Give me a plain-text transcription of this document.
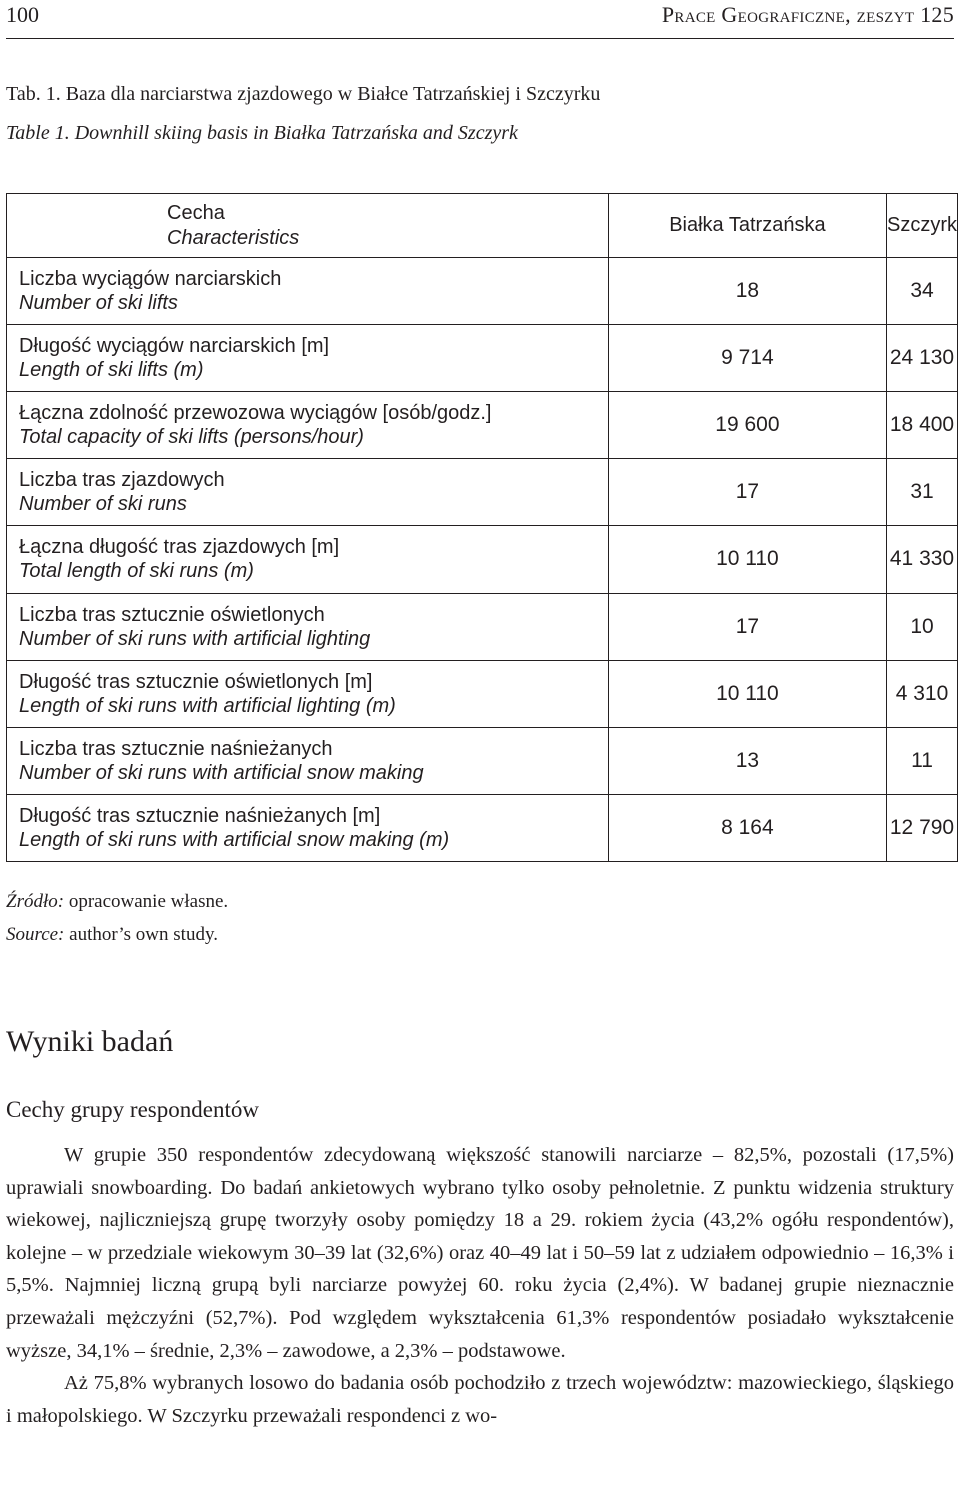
100	Prace Geograficzne, zeszyt 125
Tab. 1. Baza dla narciarstwa zjazdowego w Białce Tatrzańskiej i Szczyrku
Table 1. Downhill skiing basis in Białka Tatrzańska and Szczyrk
Cecha
Characteristics	Białka Tatrzańska	Szczyrk

Liczba wyciągów narciarskich
Number of ski lifts	18	34

Długość wyciągów narciarskich [m]
Length of ski lifts (m)	9 714	24 130

Łączna zdolność przewozowa wyciągów [osób/godz.]
Total capacity of ski lifts (persons/hour)	19 600	18 400

Liczba tras zjazdowych
Number of ski runs	17	31

Łączna długość tras zjazdowych [m]
Total length of ski runs (m)	10 110	41 330

Liczba tras sztucznie oświetlonych
Number of ski runs with artificial lighting	17	10

Długość tras sztucznie oświetlonych [m]
Length of ski runs with artificial lighting (m)	10 110	4 310

Liczba tras sztucznie naśnieżanych
Number of ski runs with artificial snow making	13	11

Długość tras sztucznie naśnieżanych [m]
Length of ski runs with artificial snow making (m)	8 164	12 790
Źródło: opracowanie własne.
Source: author’s own study.
Wyniki badań
Cechy grupy respondentów

W grupie 350 respondentów zdecydowaną większość stanowili narciarze – 82,5%, pozostali (17,5%) uprawiali snowboarding. Do badań ankietowych wybrano tylko osoby pełnoletnie. Z punktu widzenia struktury wiekowej, najliczniejszą grupę tworzyły osoby pomiędzy 18 a 29. rokiem życia (43,2% ogółu respondentów), kolejne – w przedziale wiekowym 30–39 lat (32,6%) oraz 40–49 lat i 50–59 lat z udziałem odpowiednio – 16,3% i 5,5%. Najmniej liczną grupą byli narciarze powyżej 60. roku życia (2,4%). W badanej grupie nieznacznie przeważali mężczyźni (52,7%). Pod względem wykształcenia 61,3% respondentów posiadało wykształcenie wyższe, 34,1% – średnie, 2,3% – zawodowe, a 2,3% – podstawowe.

Aż 75,8% wybranych losowo do badania osób pochodziło z trzech województw: mazowieckiego, śląskiego i małopolskiego. W Szczyrku przeważali respondenci z wo-
